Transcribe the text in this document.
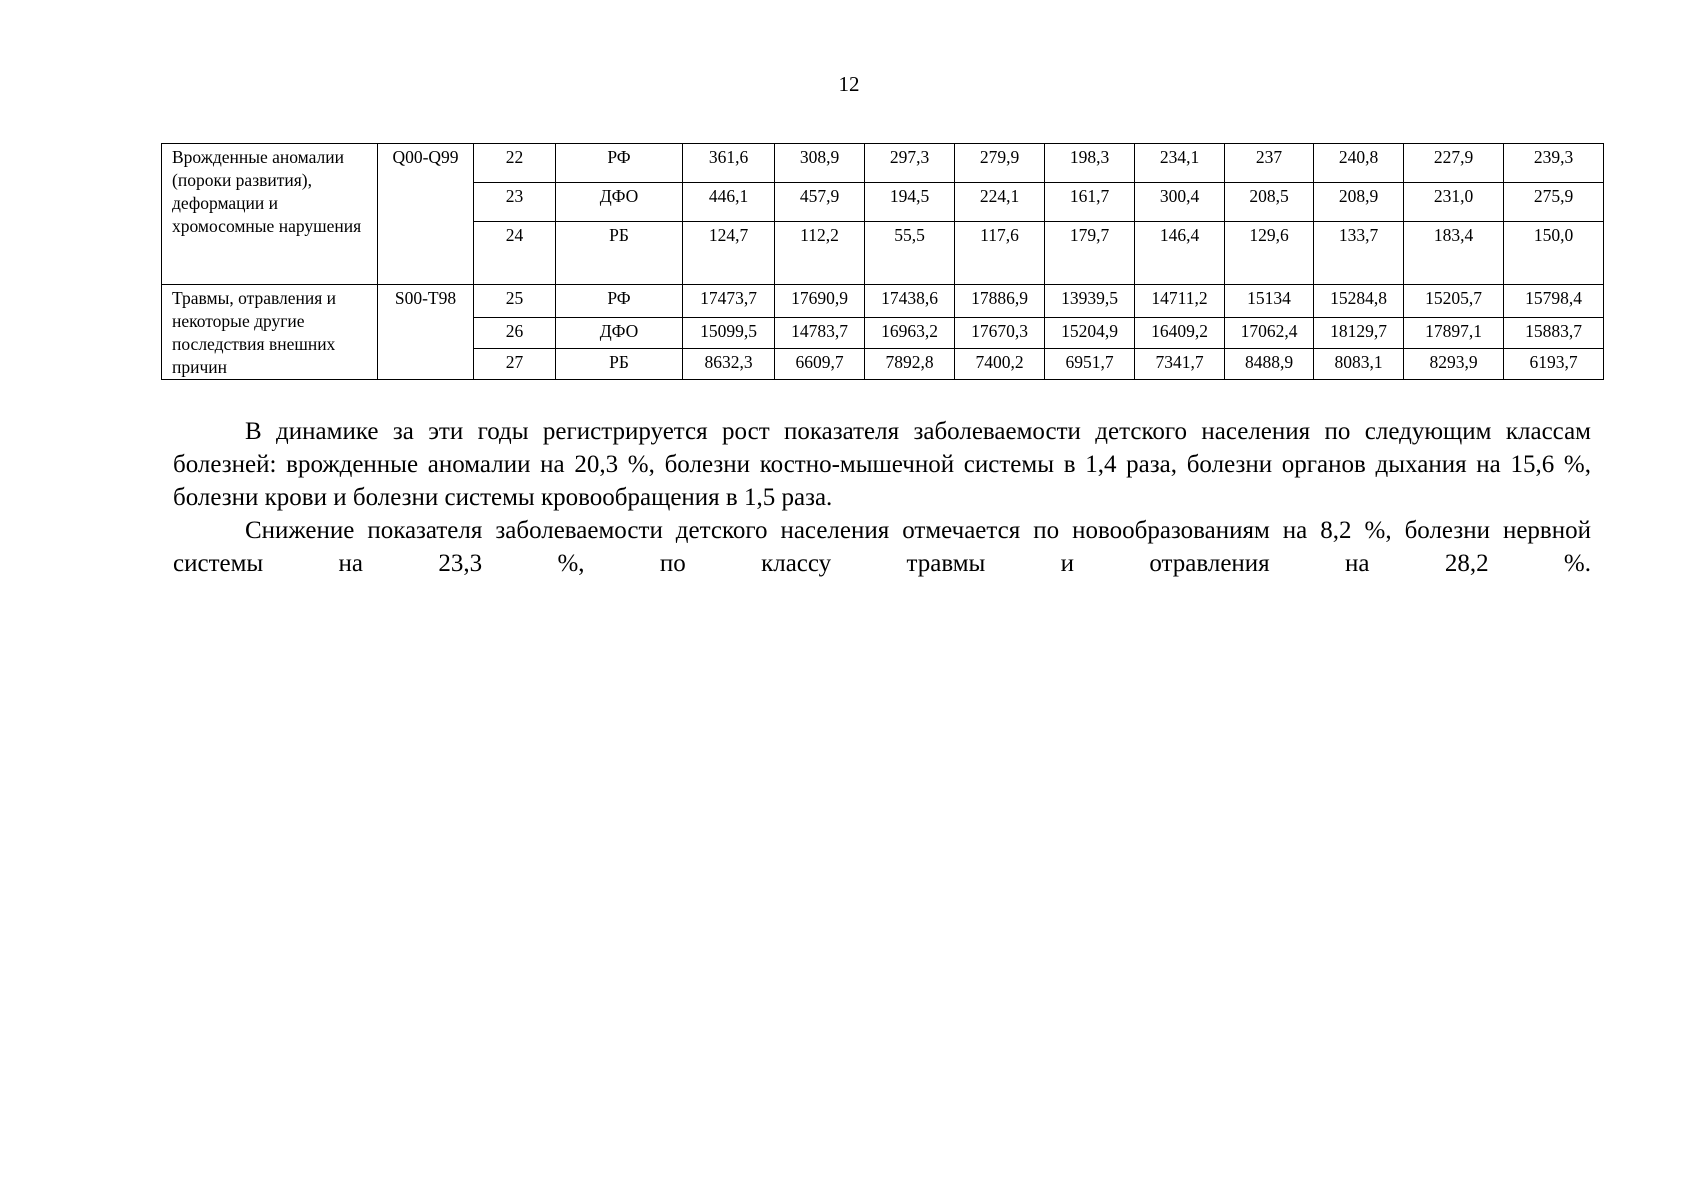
12
Врожденные аномалии (пороки развития), деформации и хромосомные нарушения	Q00-Q99	22	РФ	361,6	308,9	297,3	279,9	198,3	234,1	237	240,8	227,9	239,3
		23	ДФО	446,1	457,9	194,5	224,1	161,7	300,4	208,5	208,9	231,0	275,9
		24	РБ	124,7	112,2	55,5	117,6	179,7	146,4	129,6	133,7	183,4	150,0
Травмы, отравления и некоторые другие последствия внешних причин	S00-T98	25	РФ	17473,7	17690,9	17438,6	17886,9	13939,5	14711,2	15134	15284,8	15205,7	15798,4
		26	ДФО	15099,5	14783,7	16963,2	17670,3	15204,9	16409,2	17062,4	18129,7	17897,1	15883,7
		27	РБ	8632,3	6609,7	7892,8	7400,2	6951,7	7341,7	8488,9	8083,1	8293,9	6193,7

В динамике за эти годы регистрируется рост показателя заболеваемости детского населения по следующим классам болезней: врожденные аномалии на 20,3 %, болезни костно-мышечной системы в 1,4 раза, болезни органов дыхания на 15,6 %, болезни крови и болезни системы кровообращения в 1,5 раза.

Снижение показателя заболеваемости детского населения отмечается по новообразованиям на 8,2 %, болезни нервной системы на 23,3 %, по классу травмы и отравления на 28,2 %.
